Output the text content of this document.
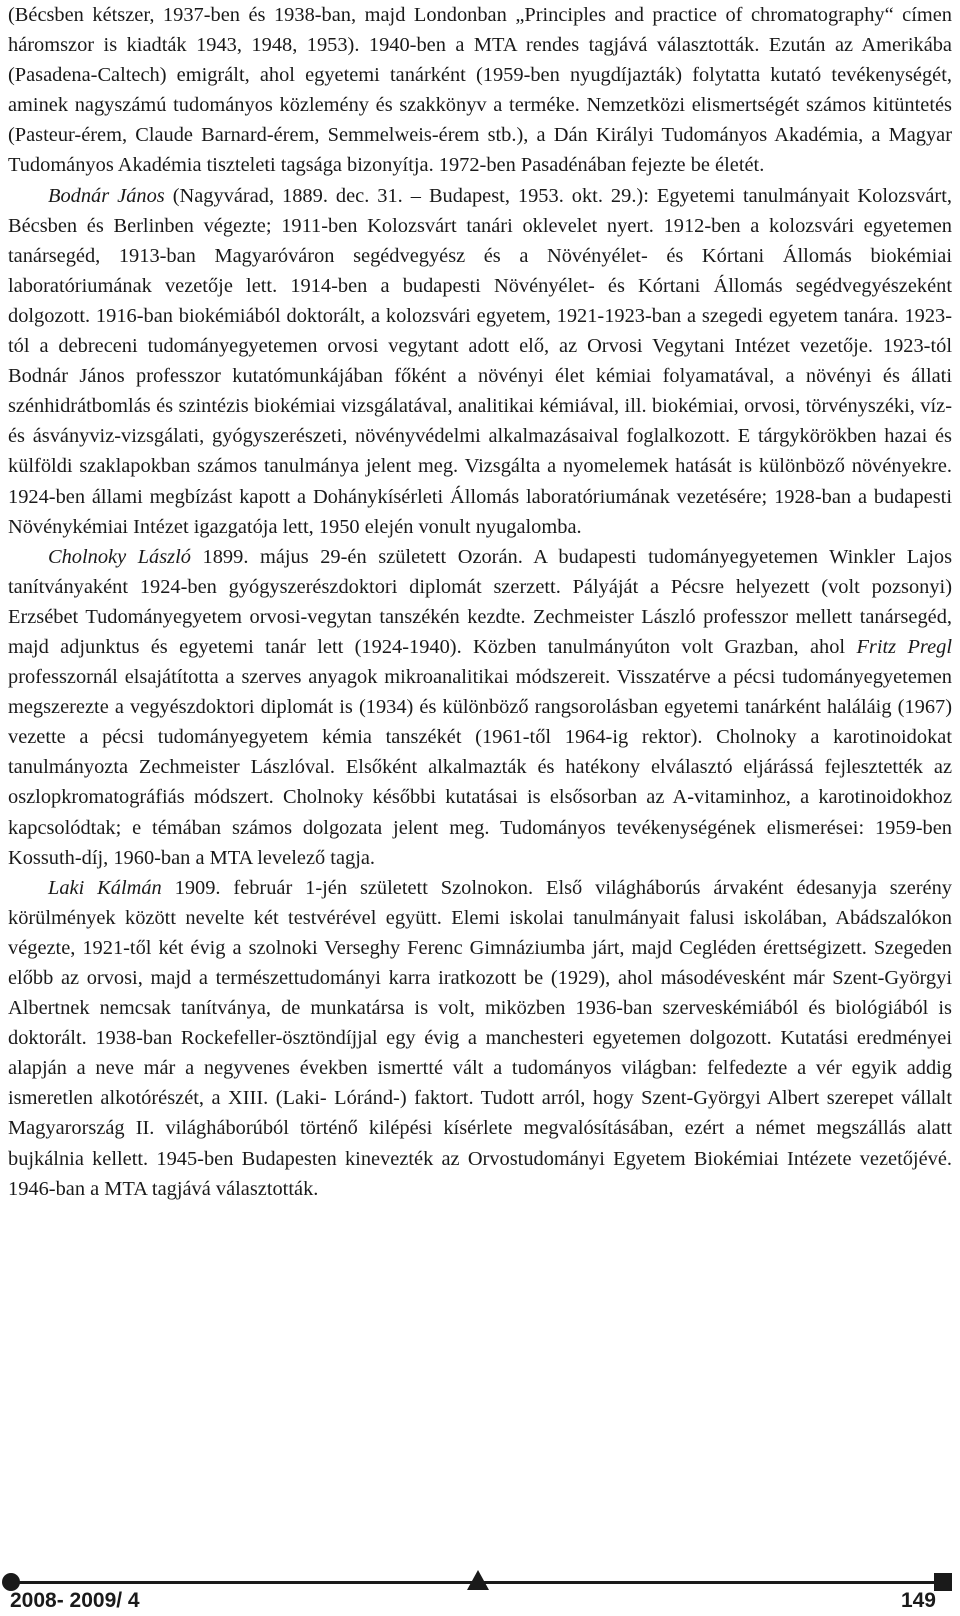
(Bécsben kétszer, 1937-ben és 1938-ban, majd Londonban „Principles and practice of chromatography“ címen háromszor is kiadták 1943, 1948, 1953). 1940-ben a MTA rendes tagjává választották. Ezután az Amerikába (Pasadena-Caltech) emigrált, ahol egyetemi tanárként (1959-ben nyugdíjazták) folytatta kutató tevékenységét, aminek nagyszámú tudományos közlemény és szakkönyv a terméke. Nemzetközi elismertségét számos kitüntetés (Pasteur-érem, Claude Barnard-érem, Semmelweis-érem stb.), a Dán Királyi Tudományos Akadémia, a Magyar Tudományos Akadémia tiszteleti tagsága bizonyítja. 1972-ben Pasadénában fejezte be életét.

Bodnár János (Nagyvárad, 1889. dec. 31. – Budapest, 1953. okt. 29.): Egyetemi tanulmányait Kolozsvárt, Bécsben és Berlinben végezte; 1911-ben Kolozsvárt tanári oklevelet nyert. 1912-ben a kolozsvári egyetemen tanársegéd, 1913-ban Magyaróváron segédvegyész és a Növényélet- és Kórtani Állomás biokémiai laboratóriumának vezetője lett. 1914-ben a budapesti Növényélet- és Kórtani Állomás segédvegyészeként dolgozott. 1916-ban biokémiából doktorált, a kolozsvári egyetem, 1921-1923-ban a szegedi egyetem tanára. 1923-tól a debreceni tudományegyetemen orvosi vegytant adott elő, az Orvosi Vegytani Intézet vezetője. 1923-tól Bodnár János professzor kutatómunkájában főként a növényi élet kémiai folyamatával, a növényi és állati szénhidrátbomlás és szintézis biokémiai vizsgálatával, analitikai kémiával, ill. biokémiai, orvosi, törvényszéki, víz- és ásványviz-vizsgálati, gyógyszerészeti, növényvédelmi alkalmazásaival foglalkozott. E tárgykörökben hazai és külföldi szaklapokban számos tanulmánya jelent meg. Vizsgálta a nyomelemek hatását is különböző növényekre. 1924-ben állami megbízást kapott a Dohánykísérleti Állomás laboratóriumának vezetésére; 1928-ban a budapesti Növénykémiai Intézet igazgatója lett, 1950 elején vonult nyugalomba.

Cholnoky László 1899. május 29-én született Ozorán. A budapesti tudományegyetemen Winkler Lajos tanítványaként 1924-ben gyógyszerészdoktori diplomát szerzett. Pályáját a Pécsre helyezett (volt pozsonyi) Erzsébet Tudományegyetem orvosi-vegytan tanszékén kezdte. Zechmeister László professzor mellett tanársegéd, majd adjunktus és egyetemi tanár lett (1924-1940). Közben tanulmányúton volt Grazban, ahol Fritz Pregl professzornál elsajátította a szerves anyagok mikroanalitikai módszereit. Visszatérve a pécsi tudományegyetemen megszerezte a vegyészdoktori diplomát is (1934) és különböző rangsorolásban egyetemi tanárként haláláig (1967) vezette a pécsi tudományegyetem kémia tanszékét (1961-től 1964-ig rektor). Cholnoky a karotinoidokat tanulmányozta Zechmeister Lászlóval. Elsőként alkalmazták és hatékony elválasztó eljárássá fejlesztették az oszlopkromatográfiás módszert. Cholnoky későbbi kutatásai is elsősorban az A-vitaminhoz, a karotinoidokhoz kapcsolódtak; e témában számos dolgozata jelent meg. Tudományos tevékenységének elismerései: 1959-ben Kossuth-díj, 1960-ban a MTA levelező tagja.

Laki Kálmán 1909. február 1-jén született Szolnokon. Első világháborús árvaként édesanyja szerény körülmények között nevelte két testvérével együtt. Elemi iskolai tanulmányait falusi iskolában, Abádszalókon végezte, 1921-től két évig a szolnoki Verseghy Ferenc Gimnáziumba járt, majd Cegléden érettségizett. Szegeden előbb az orvosi, majd a természettudományi karra iratkozott be (1929), ahol másodévesként már Szent-Györgyi Albertnek nemcsak tanítványa, de munkatársa is volt, miközben 1936-ban szerveskémiából és biológiából is doktorált. 1938-ban Rockefeller-ösztöndíjjal egy évig a manchesteri egyetemen dolgozott. Kutatási eredményei alapján a neve már a negyvenes években ismertté vált a tudományos világban: felfedezte a vér egyik addig ismeretlen alkotórészét, a XIII. (Laki- Lóránd-) faktort. Tudott arról, hogy Szent-Györgyi Albert szerepet vállalt Magyarország II. világháborúból történő kilépési kísérlete megvalósításában, ezért a német megszállás alatt bujkálnia kellett. 1945-ben Budapesten kinevezték az Orvostudományi Egyetem Biokémiai Intézete vezetőjévé. 1946-ban a MTA tagjává választották.

2008- 2009/ 4	149
